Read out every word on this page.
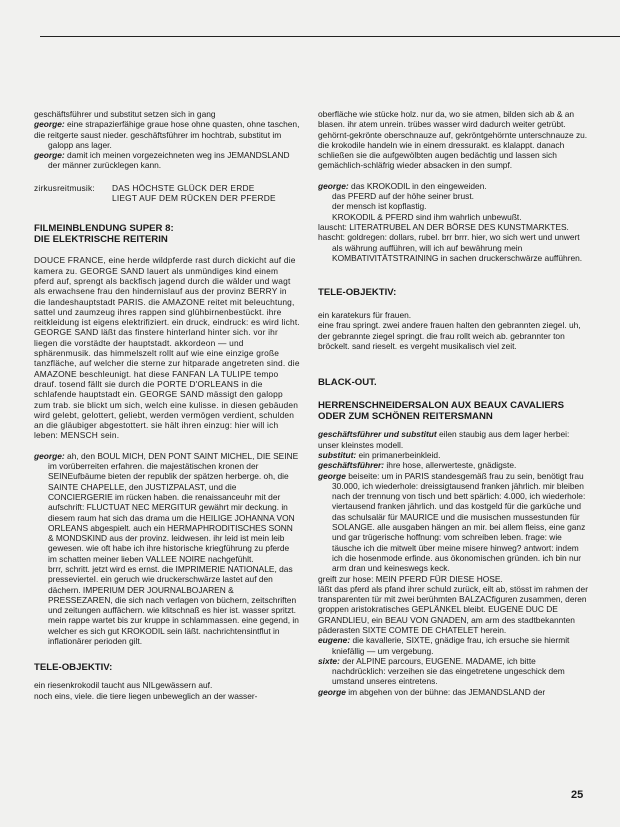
geschäftsführer und substitut setzen sich in gang

george: eine strapazierfähige graue hose ohne quasten, ohne taschen,

die reitgerte saust nieder. geschäftsführer im hochtrab, substitut im galopp ans lager.

george: damit ich meinen vorgezeichneten weg ins JEMANDSLAND der männer zurücklegen kann.

zirkusreitmusik:	DAS HÖCHSTE GLÜCK DER ERDE
LIEGT AUF DEM RÜCKEN DER PFERDE
FILMEINBLENDUNG SUPER 8:
DIE ELEKTRISCHE REITERIN

DOUCE FRANCE, eine herde wildpferde rast durch dickicht auf die kamera zu. GEORGE SAND lauert als unmündiges kind einem pferd auf, sprengt als backfisch jagend durch die wälder und wagt als erwachsene frau den hindernislauf aus der provinz BERRY in die landeshauptstadt PARIS. die AMAZONE reitet mit beleuchtung, sattel und zaumzeug ihres rappen sind glühbirnenbestückt. ihre reitkleidung ist eigens elektrifiziert. ein druck, eindruck: es wird licht. GEORGE SAND läßt das finstere hinterland hinter sich. vor ihr liegen die vorstädte der hauptstadt. akkordeon — und sphärenmusik. das himmelszelt rollt auf wie eine einzige große tanzfläche, auf welcher die sterne zur hitparade angetreten sind. die AMAZONE beschleunigt. hat diese FANFAN LA TULIPE tempo drauf. tosend fällt sie durch die PORTE D'ORLEANS in die schlafende hauptstadt ein. GEORGE SAND mässigt den galopp zum trab. sie blickt um sich, welch eine kulisse. in diesen gebäuden wird gelebt, gelottert, geliebt, werden vermögen verdient, schulden an die gläubiger abgestottert. sie hält ihren einzug: hier will ich leben: MENSCH sein.

george: ah, den BOUL MICH, DEN PONT SAINT MICHEL, DIE SEINE im vorüberreiten erfahren. die majestätischen kronen der SEINEufbäume bieten der republik der spätzen herberge. oh, die SAINTE CHAPELLE, den JUSTIZPALAST, und die CONCIERGERIE im rücken haben. die renaissanceuhr mit der aufschrift: FLUCTUAT NEC MERGITUR gewährt mir deckung. in diesem raum hat sich das drama um die HEILIGE JOHANNA VON ORLEANS abgespielt. auch ein HERMAPHRODITISCHES SONN & MONDSKIND aus der provinz. leidwesen. ihr leid ist mein leib gewesen. wie oft habe ich ihre historische kriegführung zu pferde im schatten meiner lieben VALLEE NOIRE nachgefühlt.

brrr, schritt. jetzt wird es ernst. die IMPRIMERIE NATIONALE, das pressevierteI. ein geruch wie druckerschwärze lastet auf den dächern. IMPERIUM DER JOURNALBOJAREN & PRESSEZAREN, die sich nach verlagen von büchern, zeitschriften und zeitungen auffächern. wie klitschnaß es hier ist. wasser spritzt. mein rappe wartet bis zur kruppe in schlammassen. eine gegend, in welcher es sich gut KROKODIL sein läßt. nachrichtensintflut in inflationärer perioden gilt.

TELE-OBJEKTIV:

ein riesenkrokodil taucht aus NILgewässern auf.

noch eins, viele. die tiere liegen unbeweglich an der wasser-

oberfläche wie stücke holz. nur da, wo sie atmen, bilden sich ab & an blasen. ihr atem unrein. trübes wasser wird dadurch weiter getrübt. gehörnt-gekrönte oberschnauze auf, gekröntgehörnte unterschnauze zu. die krokodile handeln wie in einem dressurakt. es klalappt. danach schließen sie die aufgewölbten augen bedächtig und lassen sich gemächlich-schläfrig wieder absacken in den sumpf.

george: das KROKODIL in den eingeweiden.

das PFERD auf der höhe seiner brust.

der mensch ist kopflastig.

KROKODIL & PFERD sind ihm wahrlich unbewußt.

lauscht: LITERATRUBEL AN DER BÖRSE DES KUNSTMARKTES.

hascht: goldregen: dollars, rubel. brr brrr. hier, wo sich wert und unwert als währung aufführen, will ich auf bewährung mein KOMBATIVITÄTSTRAINING in sachen druckerschwärze aufführen.

TELE-OBJEKTIV:

ein karatekurs für frauen.

eine frau springt. zwei andere frauen halten den gebrannten ziegel. uh, der gebrannte ziegel springt. die frau rollt weich ab. gebrannter ton bröckelt. sand rieselt. es vergeht musikalisch viel zeit.

BLACK-OUT.
HERRENSCHNEIDERSALON AUX BEAUX CAVALIERS ODER ZUM SCHÖNEN REITERSMANN

geschäftsführer und substitut eilen staubig aus dem lager herbei: unser kleinstes modell.

substitut: ein primanerbeinkleid.

geschäftsführer: ihre hose, allerwerteste, gnädigste.

george beiseite: um in PARIS standesgemäß frau zu sein, benötigt frau 30.000, ich wiederhole: dreissigtausend franken jährlich. mir bleiben nach der trennung von tisch und bett spärlich: 4.000, ich wiederhole: viertausend franken jährlich. und das kostgeld für die garküche und das schulsalär für MAURICE und die musischen mussestunden für SOLANGE. alle ausgaben hängen an mir. bei allem fleiss, eine ganz und gar trügerische hoffnung: vom schreiben leben. frage: wie täusche ich die mitwelt über meine misere hinweg? antwort: indem ich die hosenmode erfinde. aus ökonomischen gründen. ich bin nur arm dran und keineswegs keck.

greift zur hose: MEIN PFERD FÜR DIESE HOSE.

läßt das pferd als pfand ihrer schuld zurück, eilt ab, stösst im rahmen der transparenten tür mit zwei berühmten BALZACfiguren zusammen, deren groppen aristokratisches GEPLÄNKEL bleibt. EUGENE DUC DE GRANDLIEU, ein BEAU VON GNADEN, am arm des stadtbekannten päderasten SIXTE COMTE DE CHATELET herein.

eugene: die kavallerie, SIXTE, gnädige frau, ich ersuche sie hiermit kniefällig — um vergebung.

sixte: der ALPINE parcours, EUGENE. MADAME, ich bitte nachdrücklich: verzeihen sie das eingetretene ungeschick dem umstand unseres eintretens.

george im abgehen von der bühne: das JEMANDSLAND der

25
